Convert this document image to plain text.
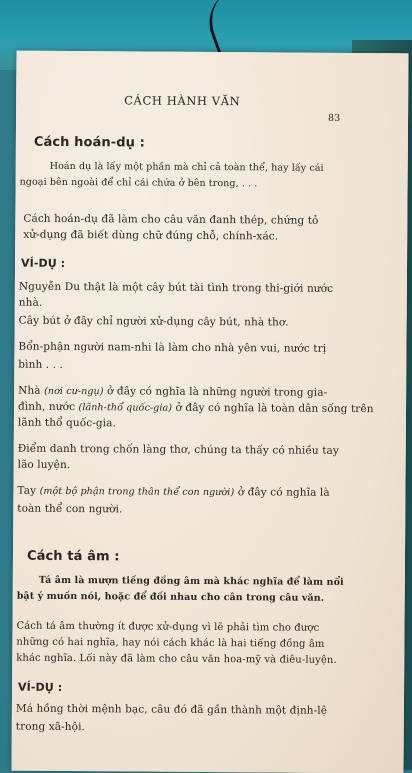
CÁCH HÀNH VĂN
83
Cách hoán-dụ :
Hoán dụ là lấy một phần mà chỉ cả toàn thể, hay lấy cái
ngoại bên ngoài để chỉ cái chứa ở bên trong, . . .
Cách hoán-dụ đã làm cho câu văn đanh thép, chứng tỏ
xử-dụng đã biết dùng chữ đúng chỗ, chính-xác.
VÍ-DỤ :
Nguyễn Du thật là một cây bút tài tình trong thi-giới nước
nhà.
Cây bút ở đây chỉ người xử-dụng cây bút, nhà thơ.
Bổn-phận người nam-nhi là làm cho nhà yên vui, nước trị
bình . . .
Nhà (nơi cư-ngụ) ở đây có nghĩa là những người trong gia-
đình, nước (lãnh-thổ quốc-gia) ở đây có nghĩa là toàn dân sống trên
lãnh thổ quốc-gia.
Điểm danh trong chốn làng thơ, chúng ta thấy có nhiều tay
lão luyện.
Tay (một bộ phận trong thân thể con người) ở đây có nghĩa là
toàn thể con người.
Cách tá âm :
Tá âm là mượn tiếng đồng âm mà khác nghĩa để làm nổi
bật ý muốn nói, hoặc để đối nhau cho cân trong câu văn.
Cách tá âm thường ít được xử-dụng vì lẽ phải tìm cho được
những có hai nghĩa, hay nói cách khác là hai tiếng đồng âm
khác nghĩa. Lối này đã làm cho câu văn hoa-mỹ và điêu-luyện.
VÍ-DỤ :
Má hồng thời mệnh bạc, câu đó đã gần thành một định-lệ
trong xã-hội.
​
